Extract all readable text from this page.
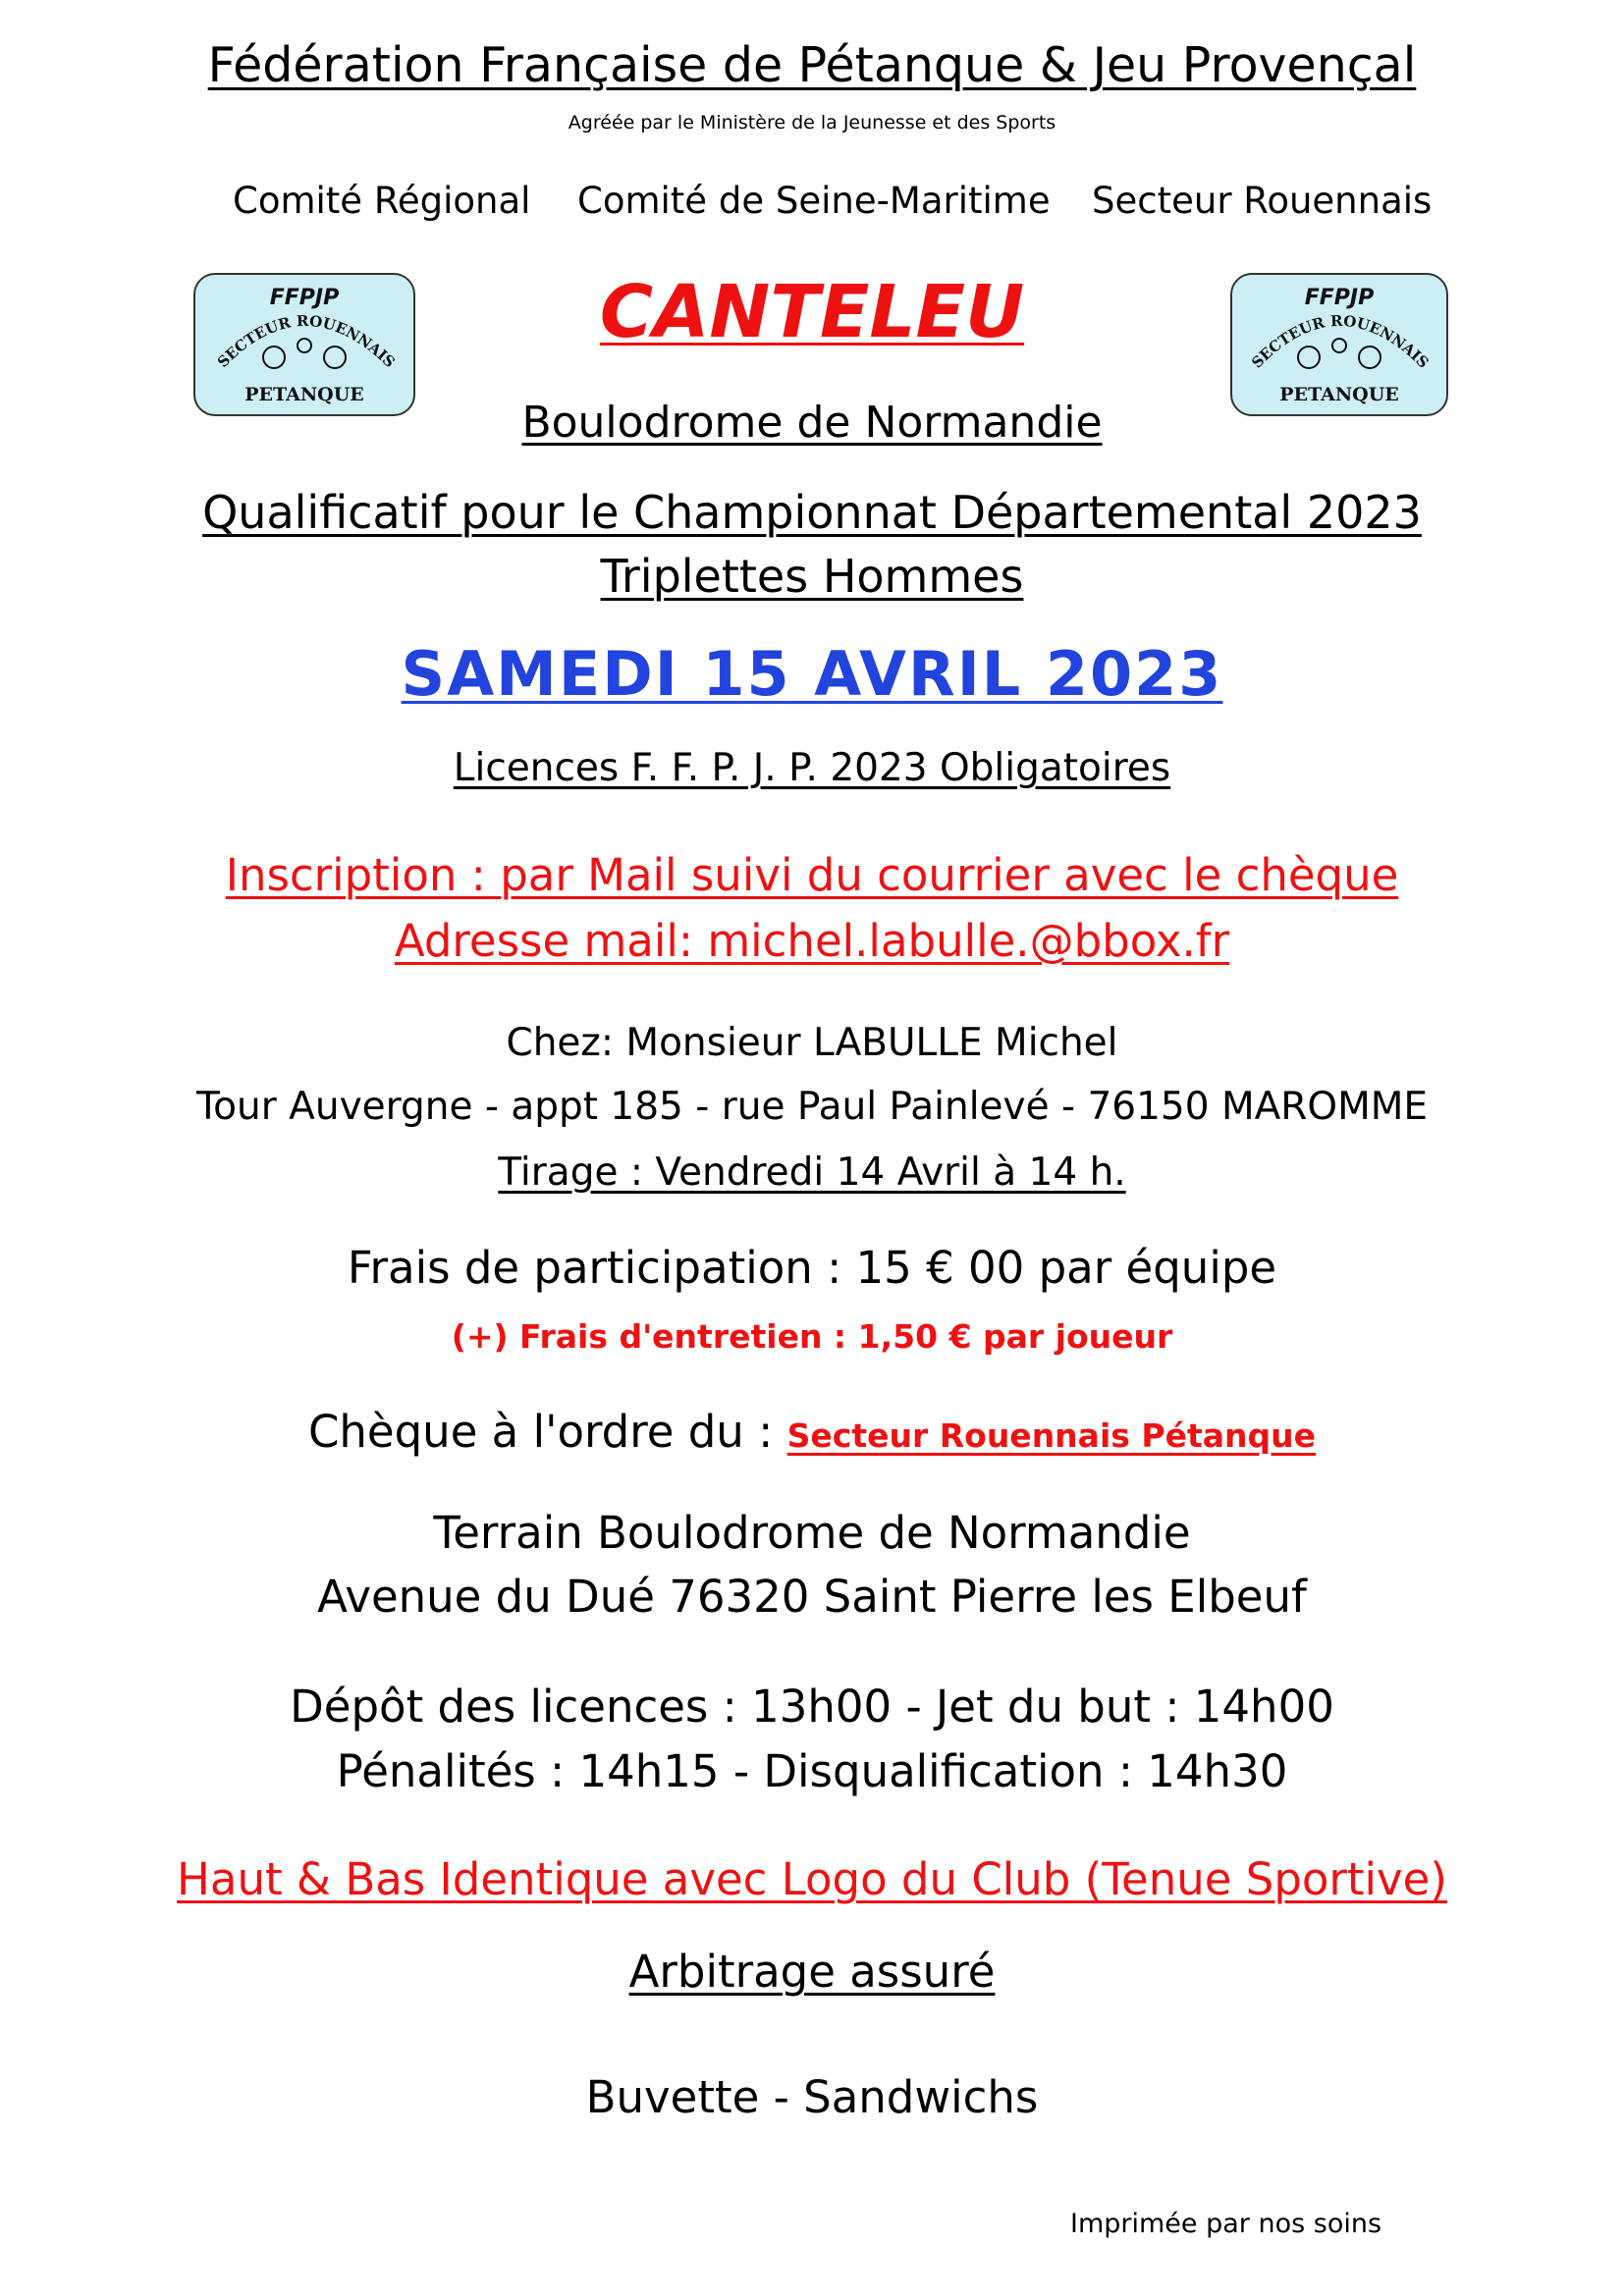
Fédération Française de Pétanque & Jeu Provençal
Agréée par le Ministère de la Jeunesse et des Sports
Comité Régional Comité de Seine-Maritime Secteur Rouennais
FFPJP
SECTEUR ROUENNAIS
PETANQUE
FFPJP
SECTEUR ROUENNAIS
PETANQUE
CANTELEU
Boulodrome de Normandie
Qualificatif pour le Championnat Départemental 2023
Triplettes Hommes
SAMEDI 15 AVRIL 2023
Licences F. F. P. J. P. 2023 Obligatoires
Inscription : par Mail suivi du courrier avec le chèque
Adresse mail: michel.labulle.@bbox.fr
Chez: Monsieur LABULLE Michel
Tour Auvergne - appt 185 - rue Paul Painlevé - 76150 MAROMME
Tirage : Vendredi 14 Avril à 14 h.
Frais de participation : 15 € 00 par équipe
(+) Frais d'entretien : 1,50 € par joueur
Chèque à l'ordre du : Secteur Rouennais Pétanque
Terrain Boulodrome de Normandie
Avenue du Dué 76320 Saint Pierre les Elbeuf
Dépôt des licences : 13h00 - Jet du but : 14h00
Pénalités : 14h15 - Disqualification : 14h30
Haut & Bas Identique avec Logo du Club (Tenue Sportive)
Arbitrage assuré
Buvette - Sandwichs
Imprimée par nos soins
